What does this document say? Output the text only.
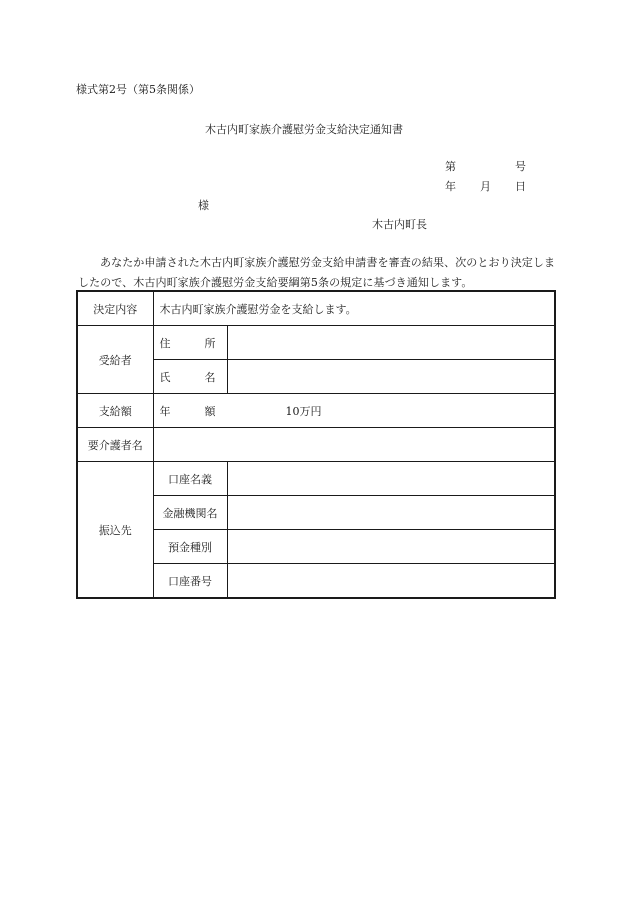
様式第2号（第5条関係）
木古内町家族介護慰労金支給決定通知書
第	号
年 月 日
様
木古内町長
あなたか申請された木古内町家族介護慰労金支給申請書を審査の結果、次のとおり決定しましたので、木古内町家族介護慰労金支給要綱第5条の規定に基づき通知します。
決定内容	木古内町家族介護慰労金を支給します。	
受給者	住 所	
	氏 名	
支給額	年 額 10万円	
要介護者名		
振込先	口座名義	
	金融機関名	
	預金種別	
	口座番号	
